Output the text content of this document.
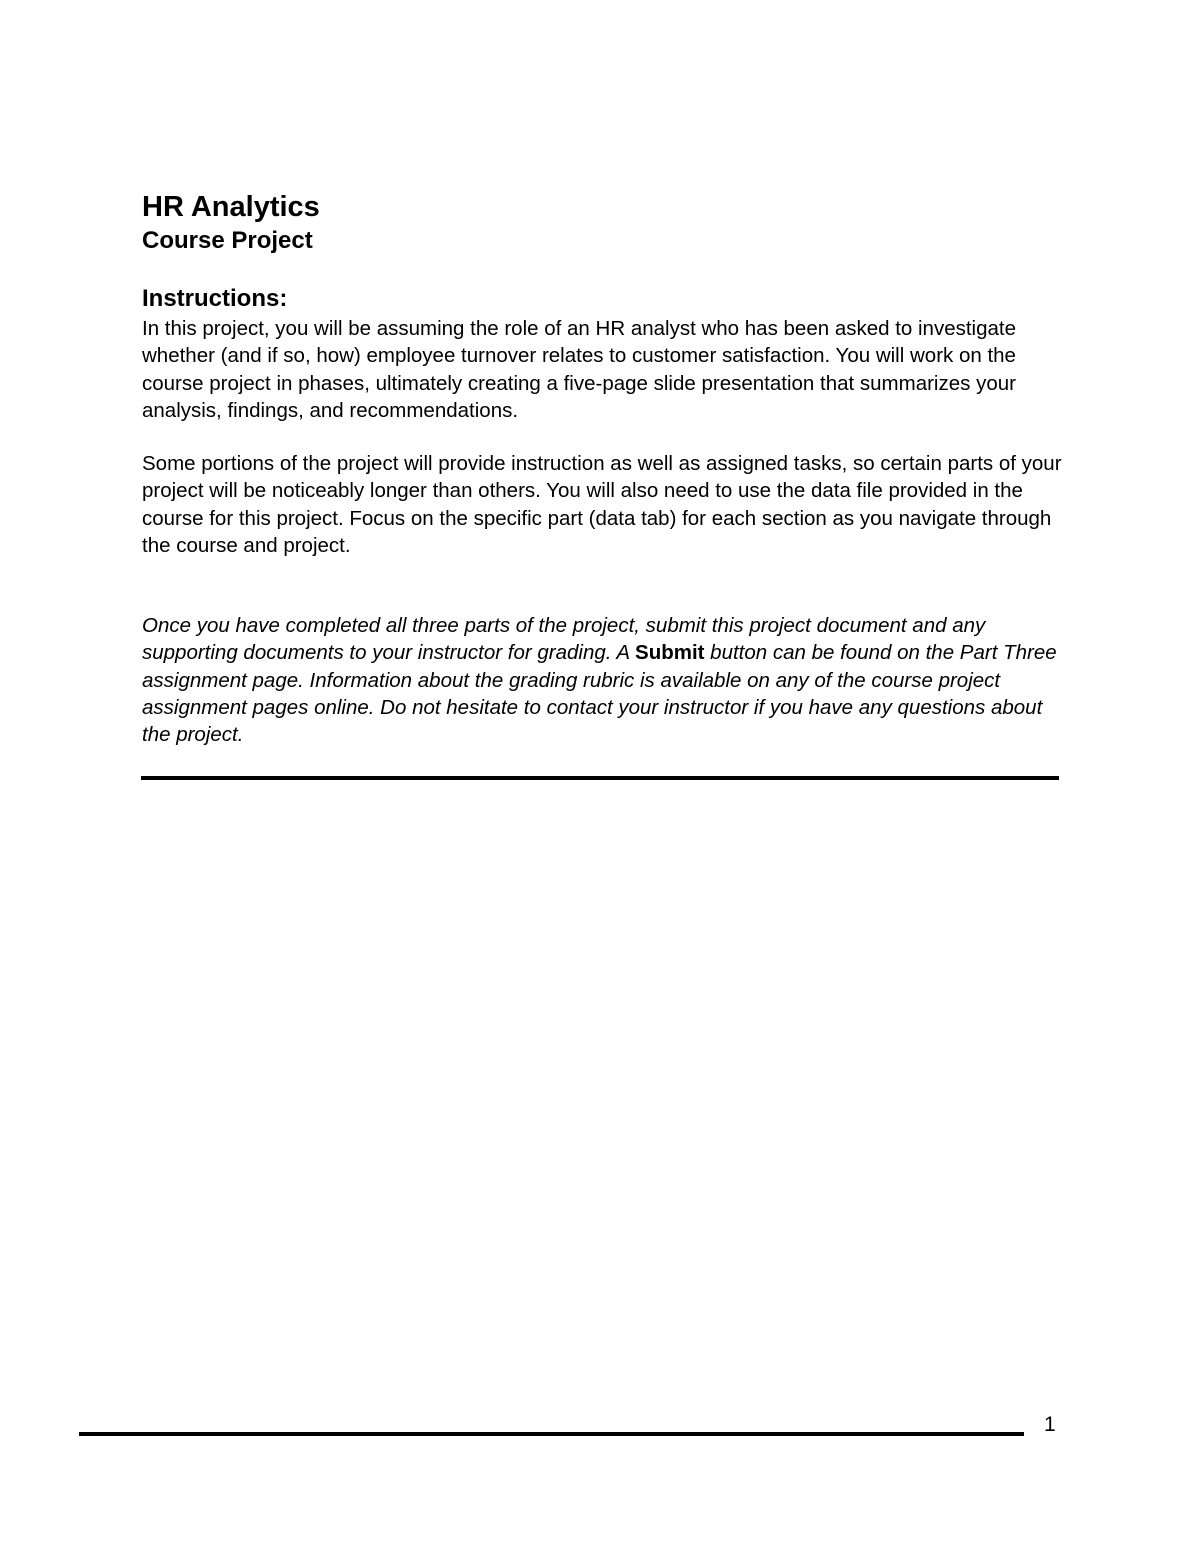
HR Analytics
Course Project
Instructions:

In this project, you will be assuming the role of an HR analyst who has been asked to investigate whether (and if so, how) employee turnover relates to customer satisfaction. You will work on the course project in phases, ultimately creating a five-page slide presentation that summarizes your analysis, findings, and recommendations.

Some portions of the project will provide instruction as well as assigned tasks, so certain parts of your project will be noticeably longer than others. You will also need to use the data file provided in the course for this project. Focus on the specific part (data tab) for each section as you navigate through the course and project.

Once you have completed all three parts of the project, submit this project document and any supporting documents to your instructor for grading. A Submit button can be found on the Part Three assignment page. Information about the grading rubric is available on any of the course project assignment pages online. Do not hesitate to contact your instructor if you have any questions about the project.

1
